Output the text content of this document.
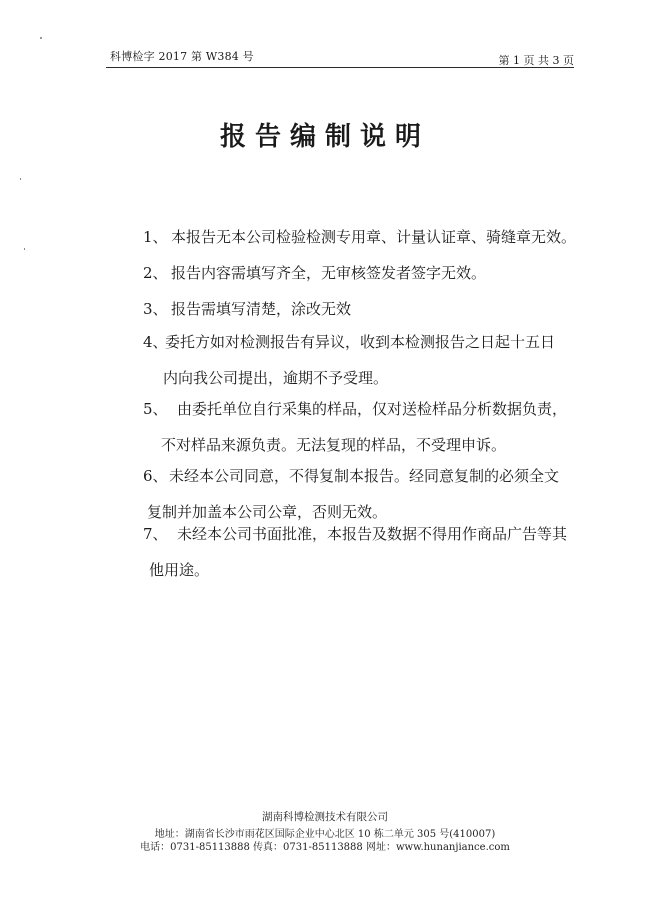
科博检字 2017 第 W384 号	第 1 页 共 3 页
报告编制说明
1、 本报告无本公司检验检测专用章、计量认证章、骑缝章无效。
2、 报告内容需填写齐全，无审核签发者签字无效。
3、 报告需填写清楚，涂改无效
4、委托方如对检测报告有异议，收到本检测报告之日起十五日
内向我公司提出，逾期不予受理。
5、 由委托单位自行采集的样品，仅对送检样品分析数据负责，
不对样品来源负责。无法复现的样品，不受理申诉。
6、未经本公司同意，不得复制本报告。经同意复制的必须全文
复制并加盖本公司公章，否则无效。
7、 未经本公司书面批准，本报告及数据不得用作商品广告等其
他用途。
湖南科博检测技术有限公司
地址：湖南省长沙市雨花区国际企业中心北区 10 栋二单元 305 号(410007)
电话：0731-85113888 传真：0731-85113888 网址：www.hunanjiance.com
